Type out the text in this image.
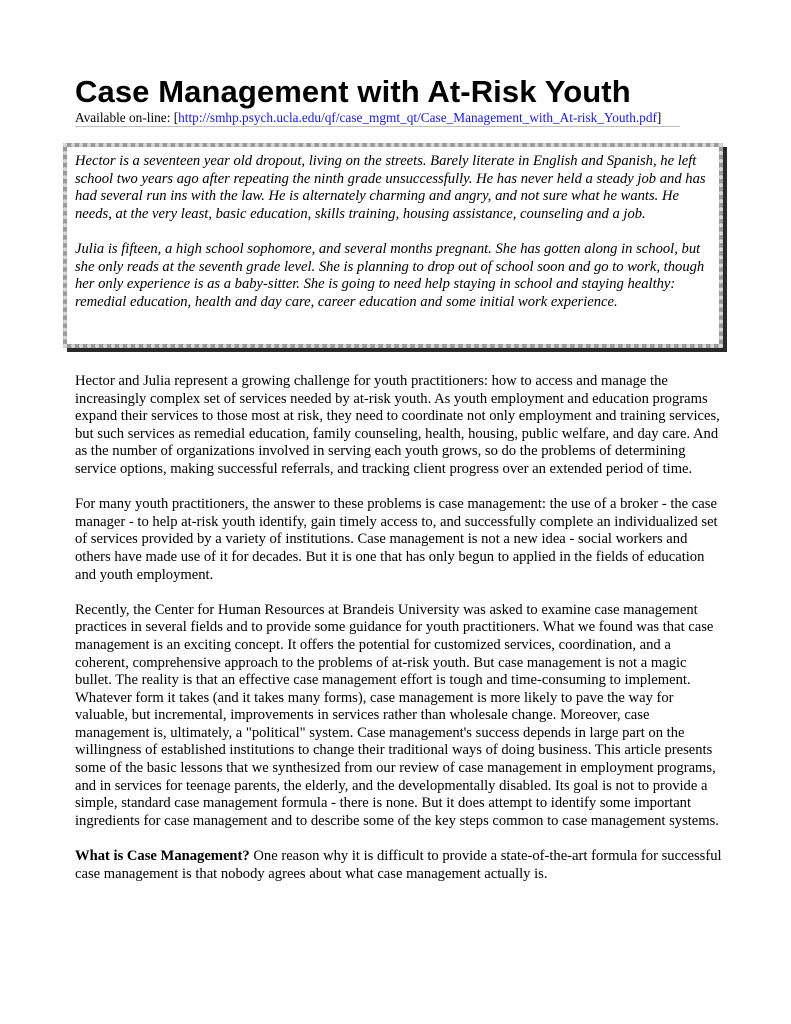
Case Management with At-Risk Youth
Available on-line: [http://smhp.psych.ucla.edu/qf/case_mgmt_qt/Case_Management_with_At-risk_Youth.pdf]

Hector is a seventeen year old dropout, living on the streets. Barely literate in English and Spanish, he left school two years ago after repeating the ninth grade unsuccessfully. He has never held a steady job and has had several run ins with the law. He is alternately charming and angry, and not sure what he wants. He needs, at the very least, basic education, skills training, housing assistance, counseling and a job.

Julia is fifteen, a high school sophomore, and several months pregnant. She has gotten along in school, but she only reads at the seventh grade level. She is planning to drop out of school soon and go to work, though her only experience is as a baby-sitter. She is going to need help staying in school and staying healthy: remedial education, health and day care, career education and some initial work experience.

Hector and Julia represent a growing challenge for youth practitioners: how to access and manage the increasingly complex set of services needed by at-risk youth. As youth employment and education programs expand their services to those most at risk, they need to coordinate not only employment and training services, but such services as remedial education, family counseling, health, housing, public welfare, and day care. And as the number of organizations involved in serving each youth grows, so do the problems of determining service options, making successful referrals, and tracking client progress over an extended period of time.

For many youth practitioners, the answer to these problems is case management: the use of a broker - the case manager - to help at-risk youth identify, gain timely access to, and successfully complete an individualized set of services provided by a variety of institutions. Case management is not a new idea - social workers and others have made use of it for decades. But it is one that has only begun to applied in the fields of education and youth employment.

Recently, the Center for Human Resources at Brandeis University was asked to examine case management practices in several fields and to provide some guidance for youth practitioners. What we found was that case management is an exciting concept. It offers the potential for customized services, coordination, and a coherent, comprehensive approach to the problems of at-risk youth. But case management is not a magic bullet. The reality is that an effective case management effort is tough and time-consuming to implement. Whatever form it takes (and it takes many forms), case management is more likely to pave the way for valuable, but incremental, improvements in services rather than wholesale change. Moreover, case management is, ultimately, a "political" system. Case management's success depends in large part on the willingness of established institutions to change their traditional ways of doing business. This article presents some of the basic lessons that we synthesized from our review of case management in employment programs, and in services for teenage parents, the elderly, and the developmentally disabled. Its goal is not to provide a simple, standard case management formula - there is none. But it does attempt to identify some important ingredients for case management and to describe some of the key steps common to case management systems.

What is Case Management? One reason why it is difficult to provide a state-of-the-art formula for successful case management is that nobody agrees about what case management actually is.
